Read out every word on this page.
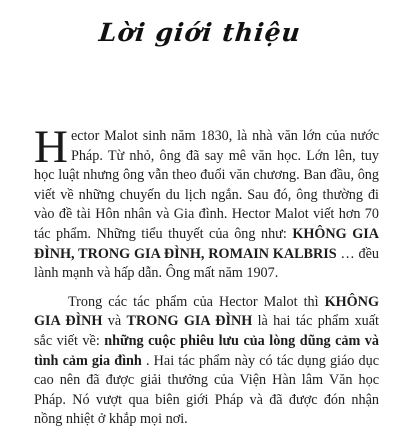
Lời giới thiệu

H ector Malot sinh năm 1830, là nhà văn lớn của nước Pháp. Từ nhỏ, ông đã say mê văn học. Lớn lên, tuy học luật nhưng ông vẫn theo đuổi văn chương. Ban đầu, ông viết về những chuyến du lịch ngắn. Sau đó, ông thường đi vào đề tài Hôn nhân và Gia đình. Hector Malot viết hơn 70 tác phẩm. Những tiểu thuyết của ông như: KHÔNG GIA ĐÌNH, TRONG GIA ĐÌNH, ROMAIN KALBRIS … đều lành mạnh và hấp dẫn. Ông mất năm 1907.

Trong các tác phẩm của Hector Malot thì KHÔNG GIA ĐÌNH và TRONG GIA ĐÌNH là hai tác phẩm xuất sắc viết về: những cuộc phiêu lưu của lòng dũng cảm và tình cảm gia đình . Hai tác phẩm này có tác dụng giáo dục cao nên đã được giải thưởng của Viện Hàn lâm Văn học Pháp. Nó vượt qua biên giới Pháp và đã được đón nhận nồng nhiệt ở khắp mọi nơi.
